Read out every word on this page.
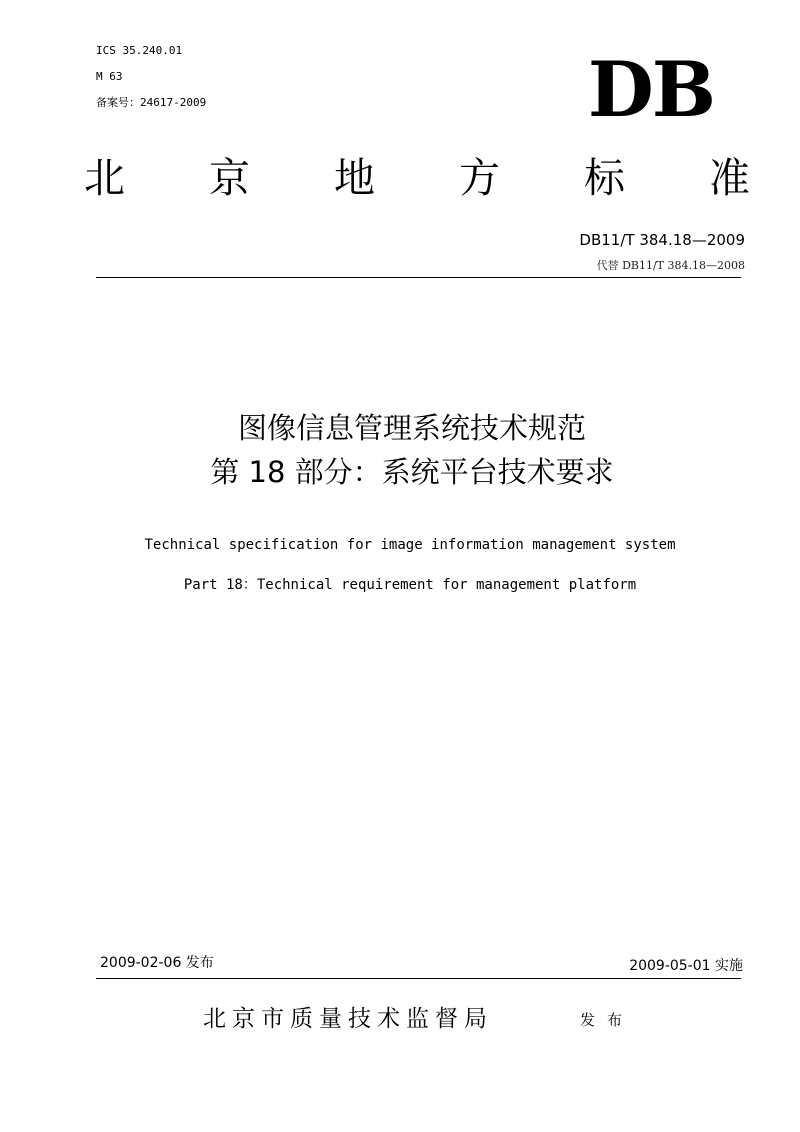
ICS 35.240.01
M 63
备案号：24617-2009	DB
北 京 地 方 标 准
DB11/T 384.18—2009
代替 DB11/T 384.18—2008
图像信息管理系统技术规范
第 18 部分：系统平台技术要求
Technical specification for image information management system
Part 18：Technical requirement for management platform
2009-02-06 发布	2009-05-01 实施
北京市质量技术监督局	发布
